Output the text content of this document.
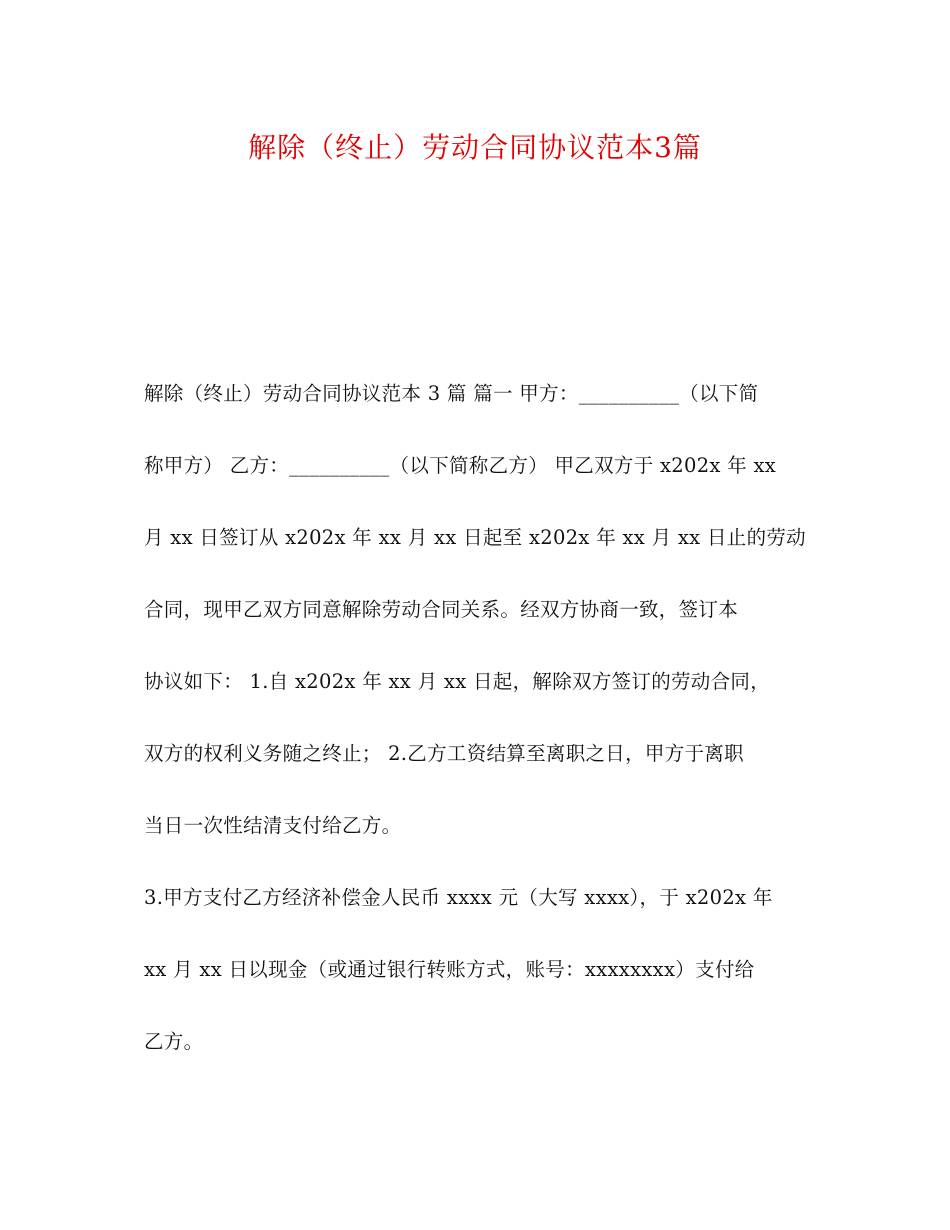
解除（终止）劳动合同协议范本3篇
解除（终止）劳动合同协议范本 3 篇 篇一 甲方：__________（以下简
称甲方） 乙方：__________（以下简称乙方） 甲乙双方于 x202x 年 xx
月 xx 日签订从 x202x 年 xx 月 xx 日起至 x202x 年 xx 月 xx 日止的劳动
合同，现甲乙双方同意解除劳动合同关系。经双方协商一致，签订本
协议如下： 1.自 x202x 年 xx 月 xx 日起，解除双方签订的劳动合同，
双方的权利义务随之终止； 2.乙方工资结算至离职之日，甲方于离职
当日一次性结清支付给乙方。
3.甲方支付乙方经济补偿金人民币 xxxx 元（大写 xxxx），于 x202x 年
xx 月 xx 日以现金（或通过银行转账方式，账号：xxxxxxxx）支付给
乙方。
